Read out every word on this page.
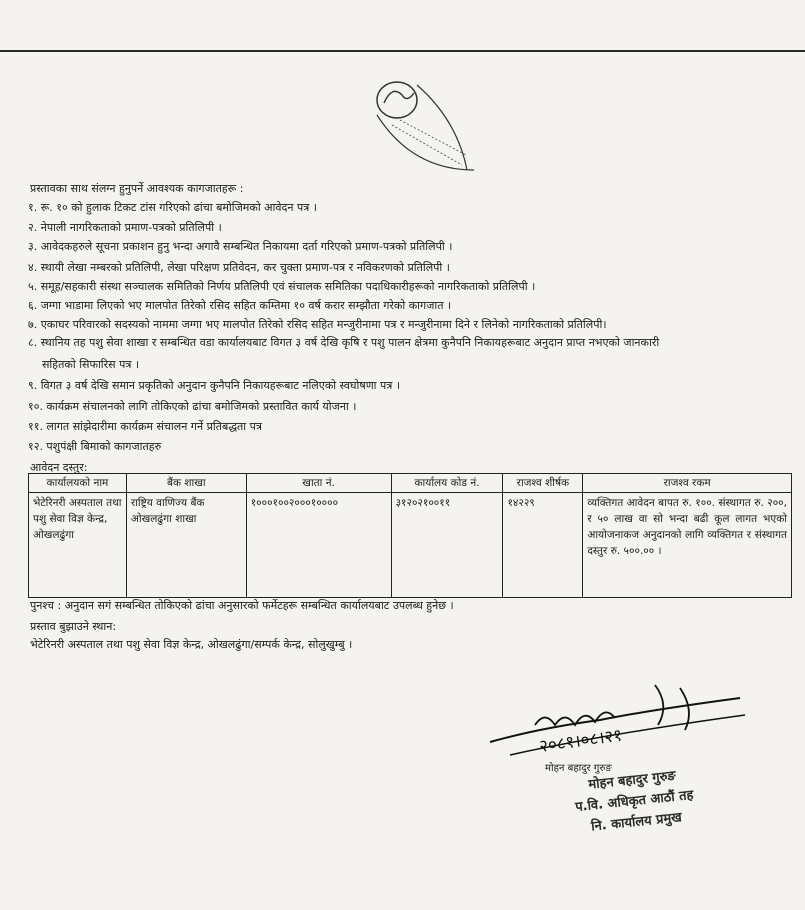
प्रस्तावका साथ संलग्न हुनुपर्ने आवश्यक कागजातहरू :
१. रू. १० को हुलाक टिकट टांस गरिएको ढांचा बमोजिमको आवेदन पत्र ।
२. नेपाली नागरिकताको प्रमाण-पत्रको प्रतिलिपी ।
३. आवेदकहरुले सूचना प्रकाशन हुनु भन्दा अगावै सम्बन्धित निकायमा दर्ता गरिएको प्रमाण-पत्रको प्रतिलिपी ।
४. स्थायी लेखा नम्बरको प्रतिलिपी, लेखा परिक्षण प्रतिवेदन, कर चुक्ता प्रमाण-पत्र र नविकरणको प्रतिलिपी ।
५. समूह/सहकारी संस्था सञ्चालक समितिको निर्णय प्रतिलिपी एवं संचालक समितिका पदाधिकारीहरूको नागरिकताको प्रतिलिपी ।
६. जग्गा भाडामा लिएको भए मालपोत तिरेको रसिद सहित कम्तिमा १० वर्ष करार सम्झौता गरेको कागजात ।
७. एकाघर परिवारको सदस्यको नाममा जग्गा भए मालपोत तिरेको रसिद सहित मन्जुरीनामा पत्र र मन्जुरीनामा दिने र लिनेको नागरिकताको प्रतिलिपी।
८. स्थानिय तह पशु सेवा शाखा र सम्बन्धित वडा कार्यालयबाट विगत ३ वर्ष देखि कृषि र पशु पालन क्षेत्रमा कुनैपनि निकायहरूबाट अनुदान प्राप्त नभएको जानकारी
सहितको सिफारिस पत्र ।
९. विगत ३ वर्ष देखि समान प्रकृतिको अनुदान कुनैपनि निकायहरूबाट नलिएको स्वघोषणा पत्र ।
१०. कार्यक्रम संचालनको लागि तोकिएको ढांचा बमोजिमको प्रस्तावित कार्य योजना ।
११. लागत सांझेदारीमा कार्यक्रम संचालन गर्ने प्रतिबद्धता पत्र
१२. पशुपंक्षी बिमाको कागजातहरु
आवेदन दस्तुर:
कार्यालयको नाम	बैंक शाखा	खाता नं.	कार्यालय कोड नं.	राजश्व शीर्षक	राजश्व रकम
भेटेरिनरी अस्पताल तथा पशु सेवा विज्ञ केन्द्र, ओखलढुंगा	राष्ट्रिय वाणिज्य बैंक ओखलढुंगा शाखा	१०००१००२०००१००००	३१२०२१००११	१४२२९	व्यक्तिगत आवेदन बापत रु. १००. संस्थागत रु. २००, र ५० लाख वा सो भन्दा बढी कूल लागत भएको आयोजनाकज अनुदानको लागि व्यक्तिगत र संस्थागत दस्तुर रु. ५००.०० ।
पुनश्च : अनुदान सगं सम्बन्धित तोकिएको ढांचा अनुसारको फर्मेटहरू सम्बन्धित कार्यालयबाट उपलब्ध हुनेछ ।
प्रस्ताव बुझाउने स्थान:
भेटेरिनरी अस्पताल तथा पशु सेवा विज्ञ केन्द्र, ओखलढुंगा/सम्पर्क केन्द्र, सोलुखुम्बु ।
२०८१।०८।२१
मोहन बहादुर गुरुङ
मोहन बहादुर गुरुङ
प.वि. अधिकृत आठौं तह
नि. कार्यालय प्रमुख
